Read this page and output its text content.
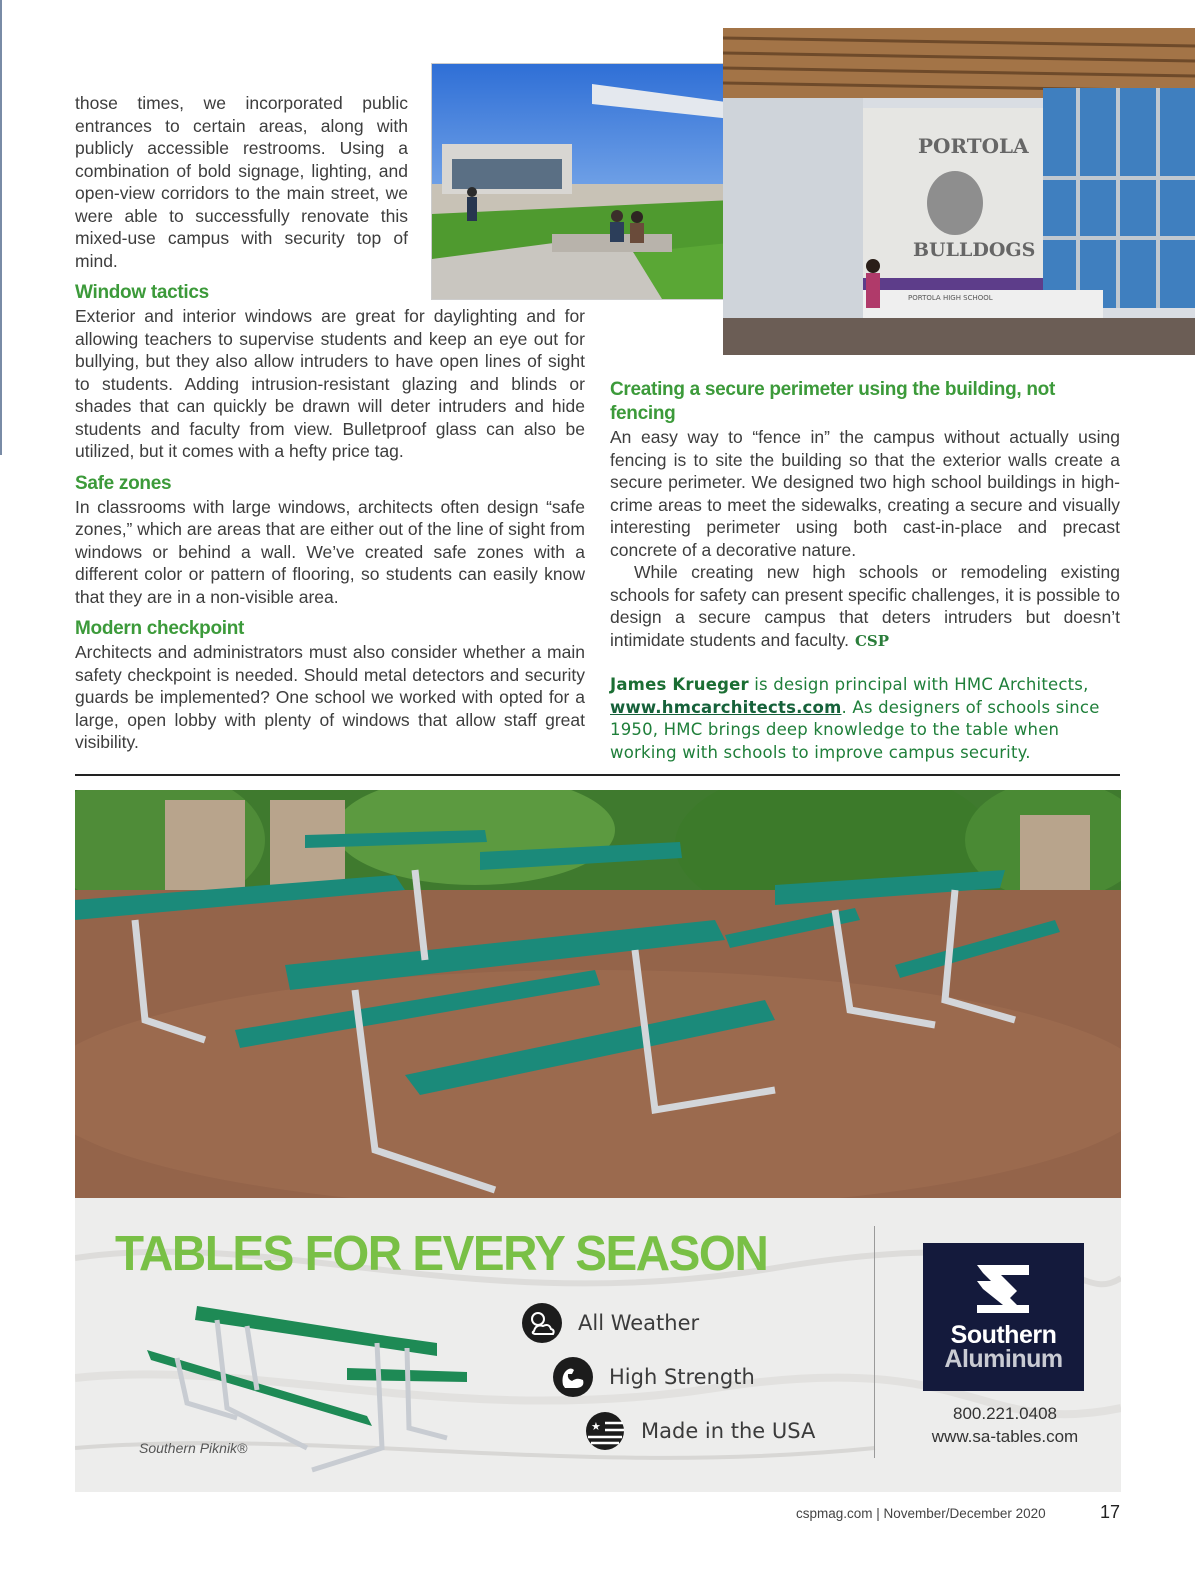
those times, we incorporated public entrances to certain areas, along with publicly accessible restrooms. Using a combination of bold signage, lighting, and open-view corridors to the main street, we were able to successfully renovate this mixed-use campus with security top of mind.

PORTOLA
BULLDOGS
PORTOLA HIGH SCHOOL
Window tactics

Exterior and interior windows are great for daylighting and for allowing teachers to supervise students and keep an eye out for bullying, but they also allow intruders to have open lines of sight to students. Adding intrusion-resistant glazing and blinds or shades that can quickly be drawn will deter intruders and hide students and faculty from view. Bulletproof glass can also be utilized, but it comes with a hefty price tag.

Safe zones

In classrooms with large windows, architects often design “safe zones,” which are areas that are either out of the line of sight from windows or behind a wall. We’ve created safe zones with a different color or pattern of flooring, so students can easily know that they are in a non-visible area.

Modern checkpoint

Architects and administrators must also consider whether a main safety checkpoint is needed. Should metal detectors and security guards be implemented? One school we worked with opted for a large, open lobby with plenty of windows that allow staff great visibility.

Creating a secure perimeter using the building, not fencing

An easy way to “fence in” the campus without actually using fencing is to site the building so that the exterior walls create a secure perimeter. We designed two high school buildings in high-crime areas to meet the sidewalks, creating a secure and visually interesting perimeter using both cast-in-place and precast concrete of a decorative nature.

While creating new high schools or remodeling existing schools for safety can present specific challenges, it is possible to design a secure campus that deters intruders but doesn’t intimidate students and faculty. CSP

James Krueger is design principal with HMC Architects, www.hmcarchitects.com. As designers of schools since 1950, HMC brings deep knowledge to the table when working with schools to improve campus security.

TABLES FOR EVERY SEASON
Southern Piknik®
All Weather
High Strength
★ Made in the USA
Southern
Aluminum
800.221.0408
www.sa-tables.com
cspmag.com | November/December 2020	17
